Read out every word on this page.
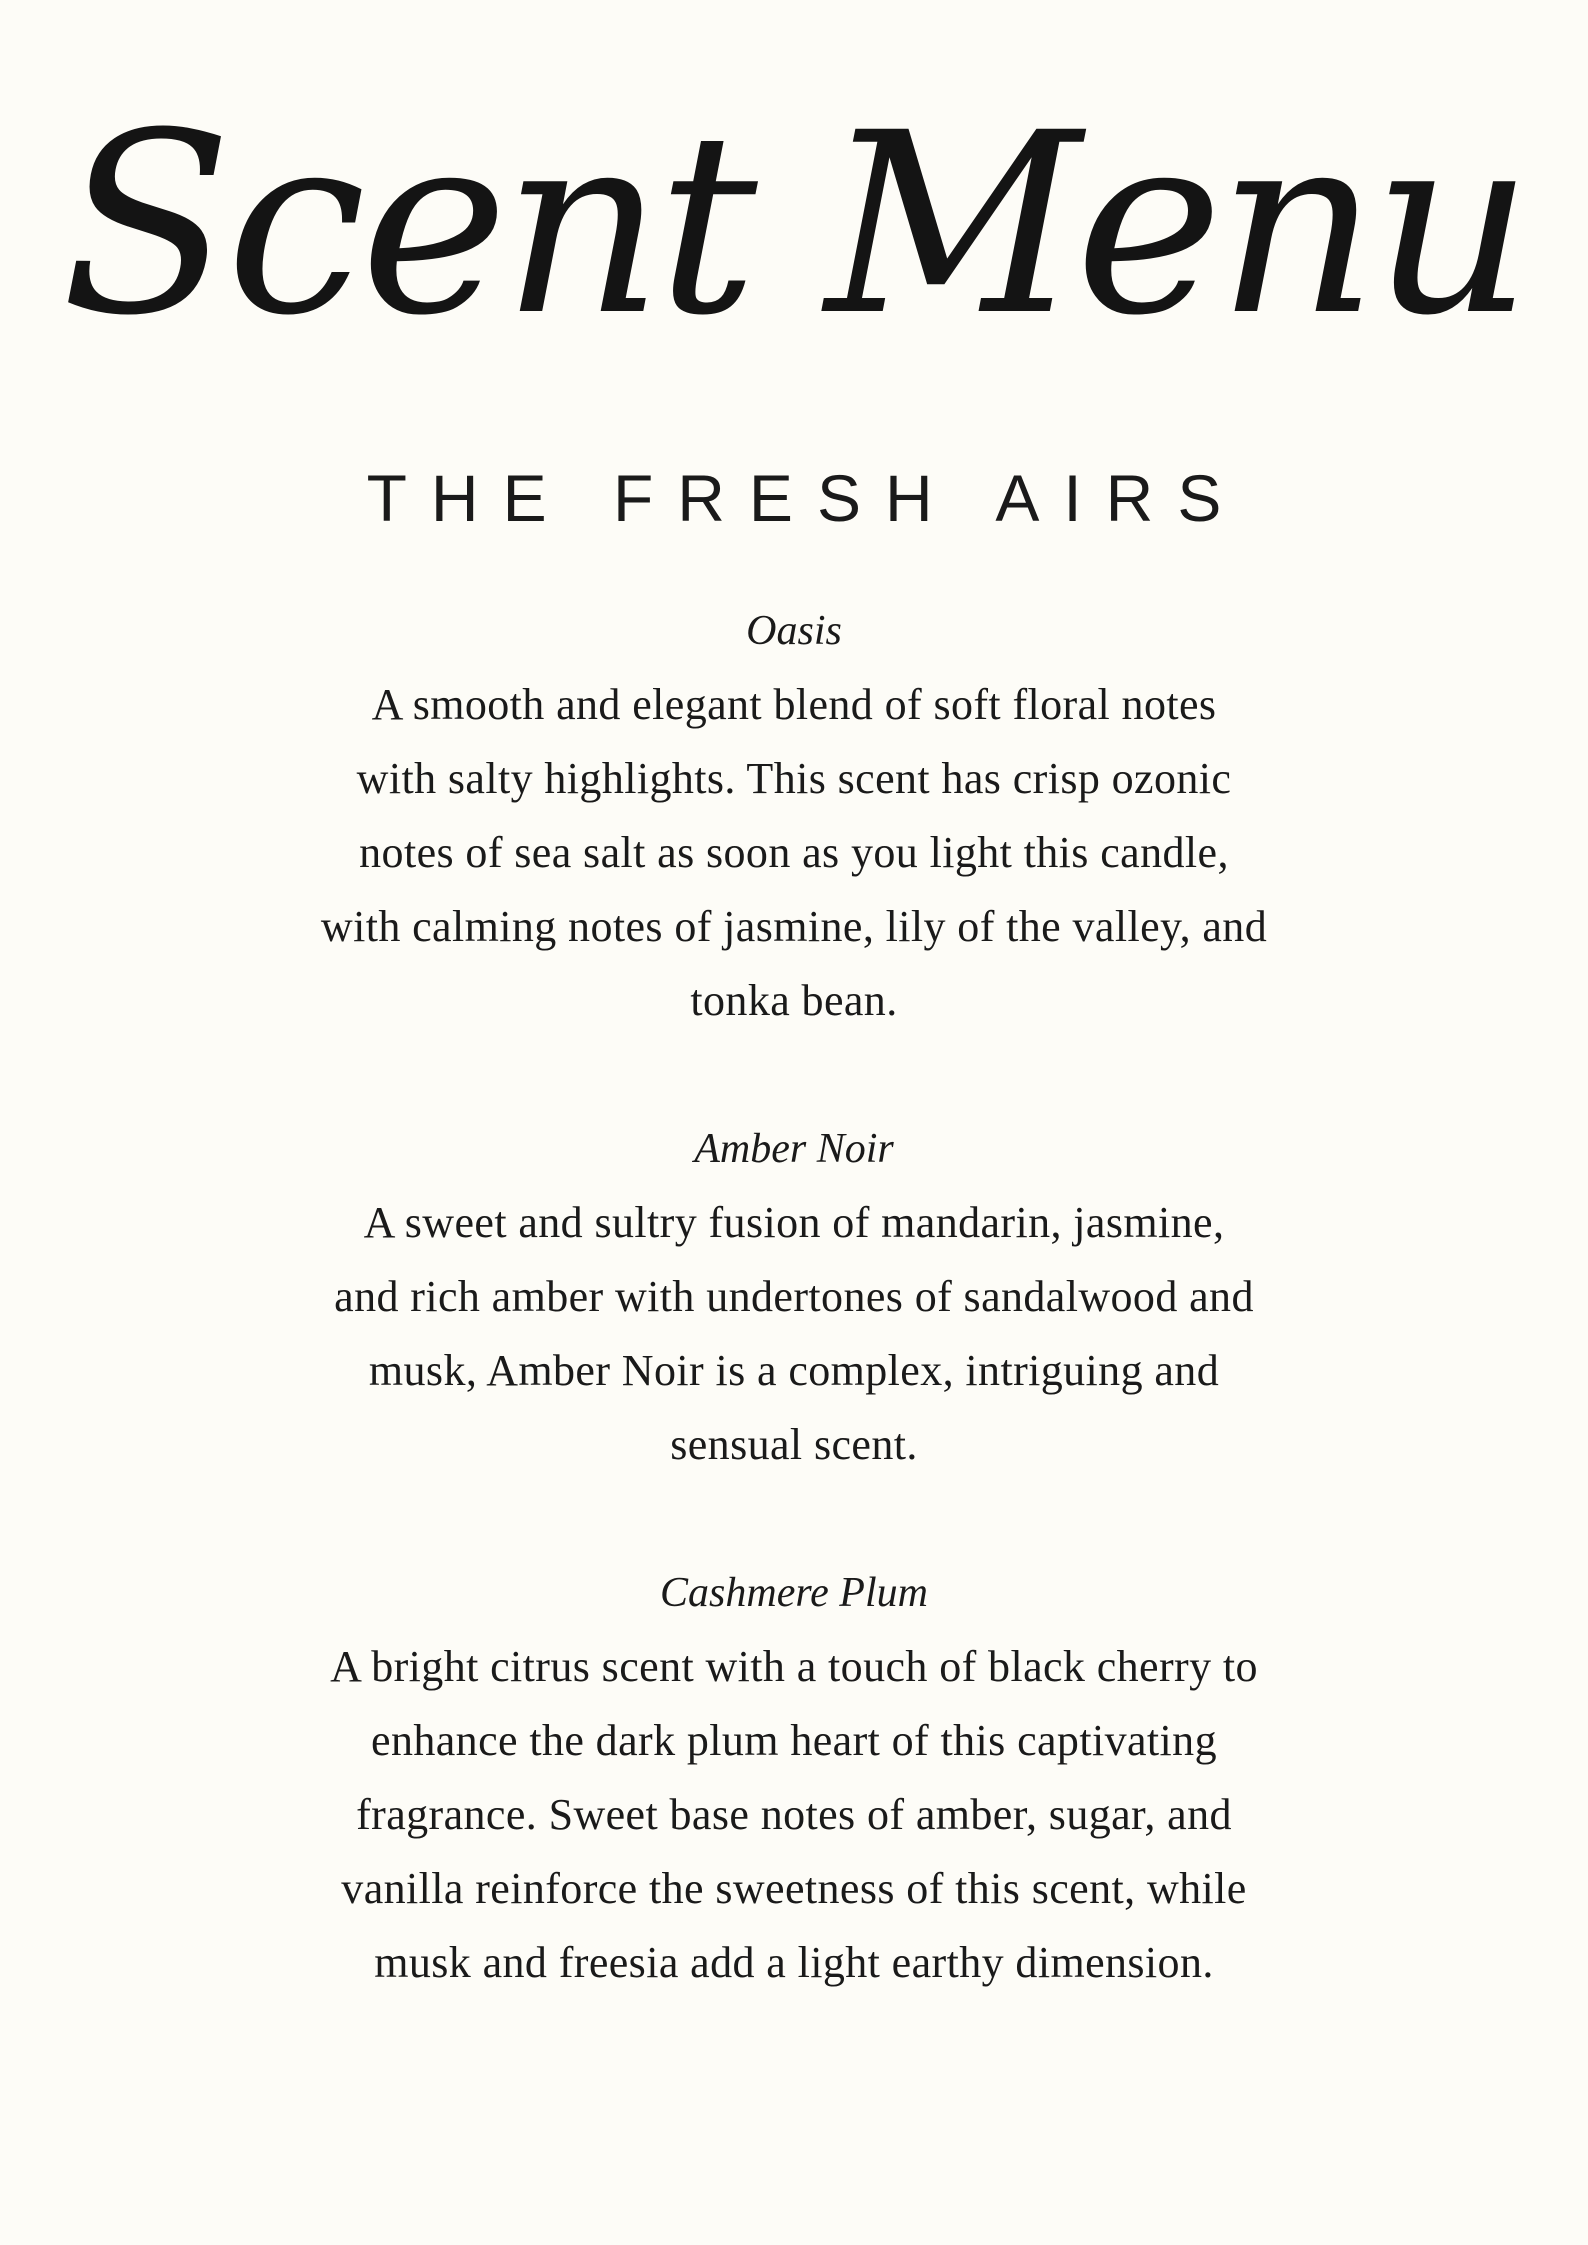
Scent Menu
THE FRESH AIRS

Oasis

A smooth and elegant blend of soft floral notes
with salty highlights. This scent has crisp ozonic
notes of sea salt as soon as you light this candle,
with calming notes of jasmine, lily of the valley, and
tonka bean.

Amber Noir

A sweet and sultry fusion of mandarin, jasmine,
and rich amber with undertones of sandalwood and
musk, Amber Noir is a complex, intriguing and
sensual scent.

Cashmere Plum

A bright citrus scent with a touch of black cherry to
enhance the dark plum heart of this captivating
fragrance. Sweet base notes of amber, sugar, and
vanilla reinforce the sweetness of this scent, while
musk and freesia add a light earthy dimension.
